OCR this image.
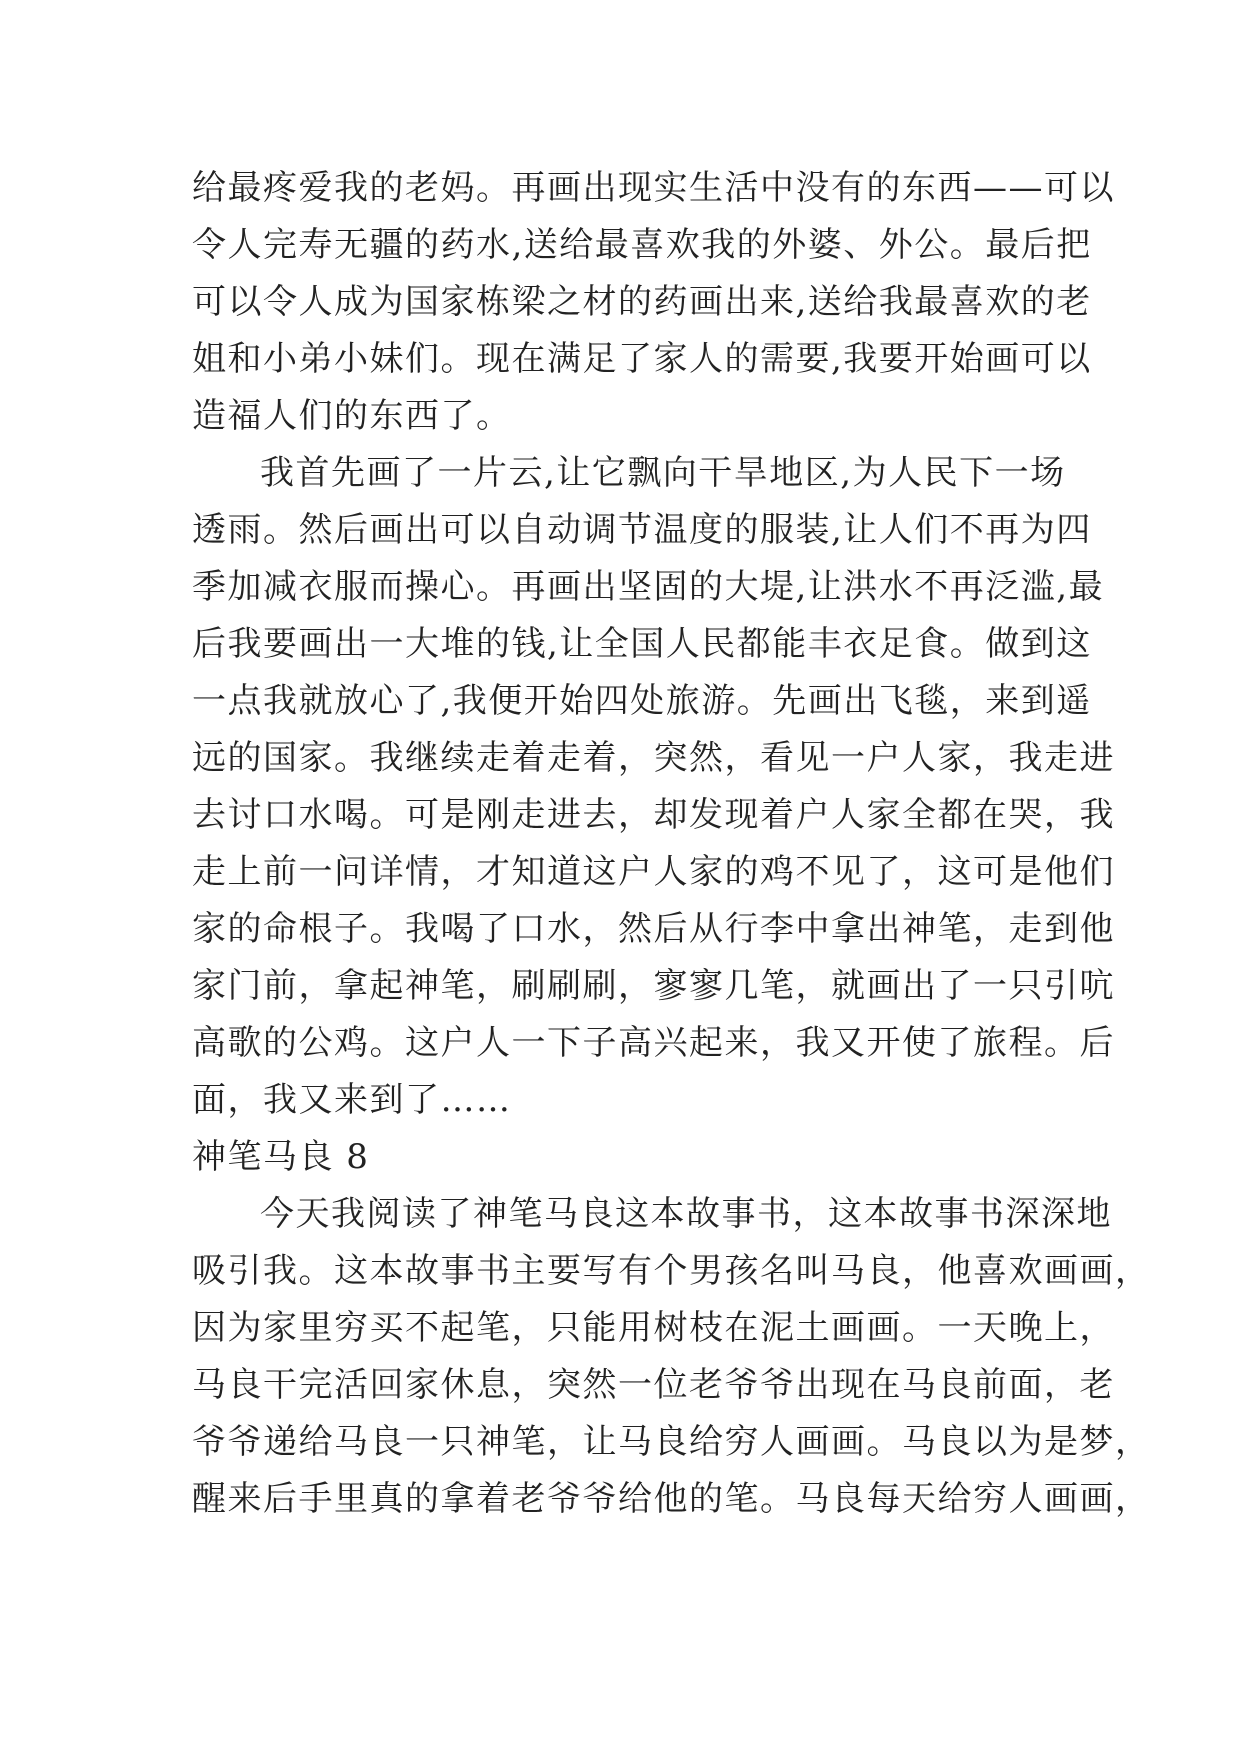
给最疼爱我的老妈。再画出现实生活中没有的东西——可以
令人完寿无疆的药水,送给最喜欢我的外婆、外公。最后把
可以令人成为国家栋梁之材的药画出来,送给我最喜欢的老
姐和小弟小妹们。现在满足了家人的需要,我要开始画可以
造福人们的东西了。
我首先画了一片云,让它飘向干旱地区,为人民下一场
透雨。然后画出可以自动调节温度的服装,让人们不再为四
季加减衣服而操心。再画出坚固的大堤,让洪水不再泛滥,最
后我要画出一大堆的钱,让全国人民都能丰衣足食。做到这
一点我就放心了,我便开始四处旅游。先画出飞毯，来到遥
远的国家。我继续走着走着，突然，看见一户人家，我走进
去讨口水喝。可是刚走进去，却发现着户人家全都在哭，我
走上前一问详情，才知道这户人家的鸡不见了，这可是他们
家的命根子。我喝了口水，然后从行李中拿出神笔，走到他
家门前，拿起神笔，刷刷刷，寥寥几笔，就画出了一只引吭
高歌的公鸡。这户人一下子高兴起来，我又开使了旅程。后
面，我又来到了……
神笔马良 8
今天我阅读了神笔马良这本故事书，这本故事书深深地
吸引我。这本故事书主要写有个男孩名叫马良，他喜欢画画，
因为家里穷买不起笔，只能用树枝在泥土画画。一天晚上，
马良干完活回家休息，突然一位老爷爷出现在马良前面，老
爷爷递给马良一只神笔，让马良给穷人画画。马良以为是梦，
醒来后手里真的拿着老爷爷给他的笔。马良每天给穷人画画，
